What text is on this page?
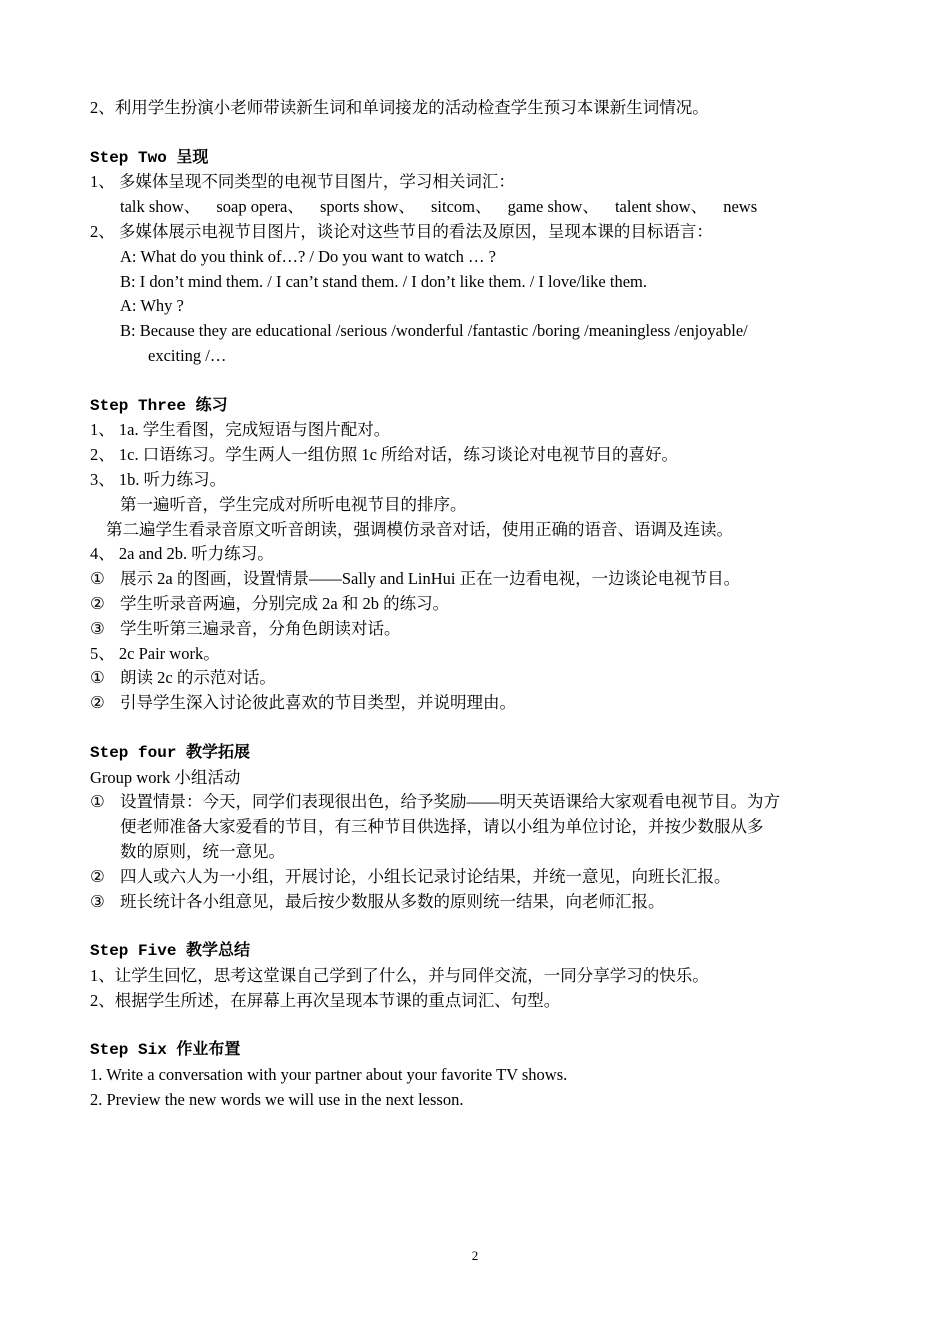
2、利用学生扮演小老师带读新生词和单词接龙的活动检查学生预习本课新生词情况。
Step Two 呈现
1、 多媒体呈现不同类型的电视节目图片，学习相关词汇：
talk show、 soap opera、 sports show、 sitcom、 game show、 talent show、 news
2、 多媒体展示电视节目图片，谈论对这些节目的看法及原因，呈现本课的目标语言：
A: What do you think of…? / Do you want to watch … ?
B: I don’t mind them. / I can’t stand them. / I don’t like them. / I love/like them.
A: Why ?
B: Because they are educational /serious /wonderful /fantastic /boring /meaningless /enjoyable/
exciting /…
Step Three 练习
1、 1a. 学生看图，完成短语与图片配对。
2、 1c. 口语练习。学生两人一组仿照 1c 所给对话，练习谈论对电视节目的喜好。
3、 1b. 听力练习。
第一遍听音，学生完成对所听电视节目的排序。
第二遍学生看录音原文听音朗读，强调模仿录音对话，使用正确的语音、语调及连读。
4、 2a and 2b. 听力练习。
① 展示 2a 的图画，设置情景——Sally and LinHui 正在一边看电视，一边谈论电视节目。
② 学生听录音两遍，分别完成 2a 和 2b 的练习。
③ 学生听第三遍录音，分角色朗读对话。
5、 2c Pair work。
① 朗读 2c 的示范对话。
② 引导学生深入讨论彼此喜欢的节目类型，并说明理由。
Step four 教学拓展
Group work 小组活动
① 设置情景：今天，同学们表现很出色，给予奖励——明天英语课给大家观看电视节目。为方
便老师准备大家爱看的节目，有三种节目供选择，请以小组为单位讨论，并按少数服从多
数的原则，统一意见。
② 四人或六人为一小组，开展讨论，小组长记录讨论结果，并统一意见，向班长汇报。
③ 班长统计各小组意见，最后按少数服从多数的原则统一结果，向老师汇报。
Step Five 教学总结
1、让学生回忆，思考这堂课自己学到了什么，并与同伴交流，一同分享学习的快乐。
2、根据学生所述，在屏幕上再次呈现本节课的重点词汇、句型。
Step Six 作业布置
1. Write a conversation with your partner about your favorite TV shows.
2. Preview the new words we will use in the next lesson.
2
